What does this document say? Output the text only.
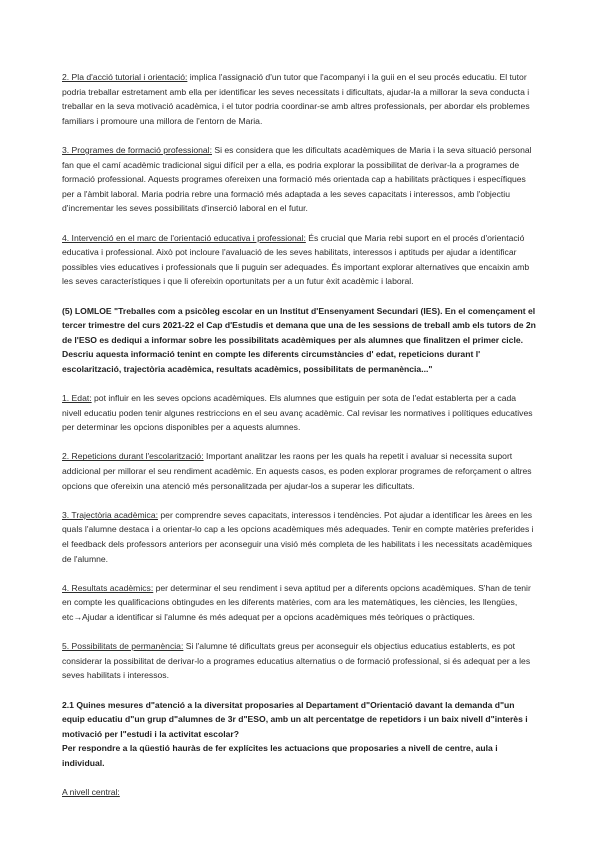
2. Pla d'acció tutorial i orientació: implica l'assignació d'un tutor que l'acompanyi i la guii en el seu procés educatiu. El tutor podria treballar estretament amb ella per identificar les seves necessitats i dificultats, ajudar-la a millorar la seva conducta i treballar en la seva motivació acadèmica, i el tutor podria coordinar-se amb altres professionals, per abordar els problemes familiars i promoure una millora de l'entorn de Maria.

3. Programes de formació professional: Si es considera que les dificultats acadèmiques de Maria i la seva situació personal fan que el camí acadèmic tradicional sigui difícil per a ella, es podria explorar la possibilitat de derivar-la a programes de formació professional. Aquests programes ofereixen una formació més orientada cap a habilitats pràctiques i específiques per a l'àmbit laboral. Maria podria rebre una formació més adaptada a les seves capacitats i interessos, amb l'objectiu d'incrementar les seves possibilitats d'inserció laboral en el futur.

4. Intervenció en el marc de l'orientació educativa i professional: És crucial que Maria rebi suport en el procés d'orientació educativa i professional. Això pot incloure l'avaluació de les seves habilitats, interessos i aptituds per ajudar a identificar possibles vies educatives i professionals que li puguin ser adequades. És important explorar alternatives que encaixin amb les seves característiques i que li ofereixin oportunitats per a un futur èxit acadèmic i laboral.

(5) LOMLOE "Treballes com a psicòleg escolar en un Institut d'Ensenyament Secundari (IES). En el començament el tercer trimestre del curs 2021-22 el Cap d'Estudis et demana que una de les sessions de treball amb els tutors de 2n de l'ESO es dediqui a informar sobre les possibilitats acadèmiques per als alumnes que finalitzen el primer cicle. Descriu aquesta informació tenint en compte les diferents circumstàncies d' edat, repeticions durant l' escolarització, trajectòria acadèmica, resultats acadèmics, possibilitats de permanència..."

1. Edat: pot influir en les seves opcions acadèmiques. Els alumnes que estiguin per sota de l'edat establerta per a cada nivell educatiu poden tenir algunes restriccions en el seu avanç acadèmic. Cal revisar les normatives i polítiques educatives per determinar les opcions disponibles per a aquests alumnes.

2. Repeticions durant l'escolarització: Important analitzar les raons per les quals ha repetit i avaluar si necessita suport addicional per millorar el seu rendiment acadèmic. En aquests casos, es poden explorar programes de reforçament o altres opcions que ofereixin una atenció més personalitzada per ajudar-los a superar les dificultats.

3. Trajectòria acadèmica: per comprendre seves capacitats, interessos i tendències. Pot ajudar a identificar les àrees en les quals l'alumne destaca i a orientar-lo cap a les opcions acadèmiques més adequades. Tenir en compte matèries preferides i el feedback dels professors anteriors per aconseguir una visió més completa de les habilitats i les necessitats acadèmiques de l'alumne.

4. Resultats acadèmics: per determinar el seu rendiment i seva aptitud per a diferents opcions acadèmiques. S'han de tenir en compte les qualificacions obtingudes en les diferents matèries, com ara les matemàtiques, les ciències, les llengües, etc→Ajudar a identificar si l'alumne és més adequat per a opcions acadèmiques més teòriques o pràctiques.

5. Possibilitats de permanència: Si l'alumne té dificultats greus per aconseguir els objectius educatius establerts, es pot considerar la possibilitat de derivar-lo a programes educatius alternatius o de formació professional, si és adequat per a les seves habilitats i interessos.

2.1 Quines mesures d"atenció a la diversitat proposaries al Departament d"Orientació davant la demanda d"un equip educatiu d"un grup d"alumnes de 3r d"ESO, amb un alt percentatge de repetidors i un baix nivell d"interès i motivació per l"estudi i la activitat escolar?
Per respondre a la qüestió hauràs de fer explícites les actuacions que proposaries a nivell de centre, aula i individual.

A nivell central:
